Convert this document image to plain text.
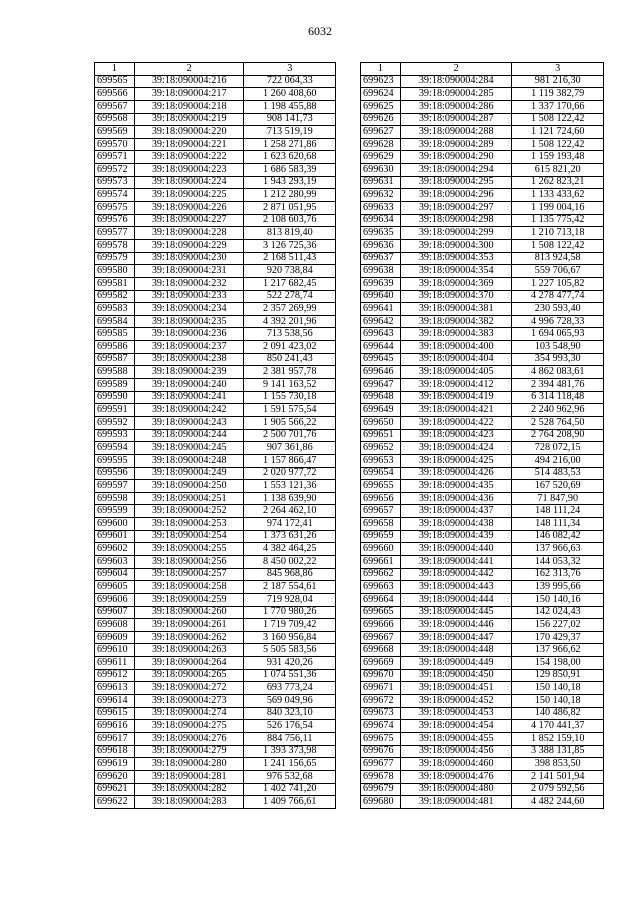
6032
1	2	3
699565	39:18:090004:216	722 064,33
699566	39:18:090004:217	1 260 408,60
699567	39:18:090004:218	1 198 455,88
699568	39:18:090004:219	908 141,73
699569	39:18:090004:220	713 519,19
699570	39:18:090004:221	1 258 271,86
699571	39:18:090004:222	1 623 620,68
699572	39:18:090004:223	1 686 583,39
699573	39:18:090004:224	1 943 293,19
699574	39:18:090004:225	1 212 280,99
699575	39:18:090004:226	2 871 051,95
699576	39:18:090004:227	2 108 603,76
699577	39:18:090004:228	813 819,40
699578	39:18:090004:229	3 126 725,36
699579	39:18:090004:230	2 168 511,43
699580	39:18:090004:231	920 738,84
699581	39:18:090004:232	1 217 682,45
699582	39:18:090004:233	522 278,74
699583	39:18:090004:234	2 357 269,99
699584	39:18:090004:235	4 392 201,96
699585	39:18:090004:236	713 538,56
699586	39:18:090004:237	2 091 423,02
699587	39:18:090004:238	850 241,43
699588	39:18:090004:239	2 381 957,78
699589	39:18:090004:240	9 141 163,52
699590	39:18:090004:241	1 155 730,18
699591	39:18:090004:242	1 591 575,54
699592	39:18:090004:243	1 905 566,22
699593	39:18:090004:244	2 500 701,76
699594	39:18:090004:245	907 361,86
699595	39:18:090004:248	1 157 866,47
699596	39:18:090004:249	2 020 977,72
699597	39:18:090004:250	1 553 121,36
699598	39:18:090004:251	1 138 639,90
699599	39:18:090004:252	2 264 462,10
699600	39:18:090004:253	974 172,41
699601	39:18:090004:254	1 373 631,26
699602	39:18:090004:255	4 382 464,25
699603	39:18:090004:256	8 450 002,22
699604	39:18:090004:257	845 968,86
699605	39:18:090004:258	2 187 554,61
699606	39:18:090004:259	719 928,04
699607	39:18:090004:260	1 770 980,26
699608	39:18:090004:261	1 719 709,42
699609	39:18:090004:262	3 160 956,84
699610	39:18:090004:263	5 505 583,56
699611	39:18:090004:264	931 420,26
699612	39:18:090004:265	1 074 551,36
699613	39:18:090004:272	693 773,24
699614	39:18:090004:273	569 049,96
699615	39:18:090004:274	840 323,10
699616	39:18:090004:275	526 176,54
699617	39:18:090004:276	884 756,11
699618	39:18:090004:279	1 393 373,98
699619	39:18:090004:280	1 241 156,65
699620	39:18:090004:281	976 532,68
699621	39:18:090004:282	1 402 741,20
699622	39:18:090004:283	1 409 766,61
1	2	3
699623	39:18:090004:284	981 216,30
699624	39:18:090004:285	1 119 382,79
699625	39:18:090004:286	1 337 170,66
699626	39:18:090004:287	1 508 122,42
699627	39:18:090004:288	1 121 724,60
699628	39:18:090004:289	1 508 122,42
699629	39:18:090004:290	1 159 193,48
699630	39:18:090004:294	615 821,20
699631	39:18:090004:295	1 262 823,21
699632	39:18:090004:296	1 133 433,62
699633	39:18:090004:297	1 199 004,16
699634	39:18:090004:298	1 135 775,42
699635	39:18:090004:299	1 210 713,18
699636	39:18:090004:300	1 508 122,42
699637	39:18:090004:353	813 924,58
699638	39:18:090004:354	559 706,67
699639	39:18:090004:369	1 227 105,82
699640	39:18:090004:370	4 278 477,74
699641	39:18:090004:381	230 593,40
699642	39:18:090004:382	4 996 728,33
699643	39:18:090004:383	1 694 065,93
699644	39:18:090004:400	103 548,90
699645	39:18:090004:404	354 993,30
699646	39:18:090004:405	4 862 083,61
699647	39:18:090004:412	2 394 481,76
699648	39:18:090004:419	6 314 118,48
699649	39:18:090004:421	2 240 962,96
699650	39:18:090004:422	2 528 764,50
699651	39:18:090004:423	2 764 208,90
699652	39:18:090004:424	728 072,15
699653	39:18:090004:425	494 216,00
699654	39:18:090004:426	514 483,53
699655	39:18:090004:435	167 520,69
699656	39:18:090004:436	71 847,90
699657	39:18:090004:437	148 111,24
699658	39:18:090004:438	148 111,34
699659	39:18:090004:439	146 082,42
699660	39:18:090004:440	137 966,63
699661	39:18:090004:441	144 053,32
699662	39:18:090004:442	162 313,76
699663	39:18:090004:443	139 995,66
699664	39:18:090004:444	150 140,16
699665	39:18:090004:445	142 024,43
699666	39:18:090004:446	156 227,02
699667	39:18:090004:447	170 429,37
699668	39:18:090004:448	137 966,62
699669	39:18:090004:449	154 198,00
699670	39:18:090004:450	129 850,91
699671	39:18:090004:451	150 140,18
699672	39:18:090004:452	150 140,18
699673	39:18:090004:453	140 486,82
699674	39:18:090004:454	4 170 441,37
699675	39:18:090004:455	1 852 159,10
699676	39:18:090004:456	3 388 131,85
699677	39:18:090004:460	398 853,50
699678	39:18:090004:476	2 141 501,94
699679	39:18:090004:480	2 079 592,56
699680	39:18:090004:481	4 482 244,60
